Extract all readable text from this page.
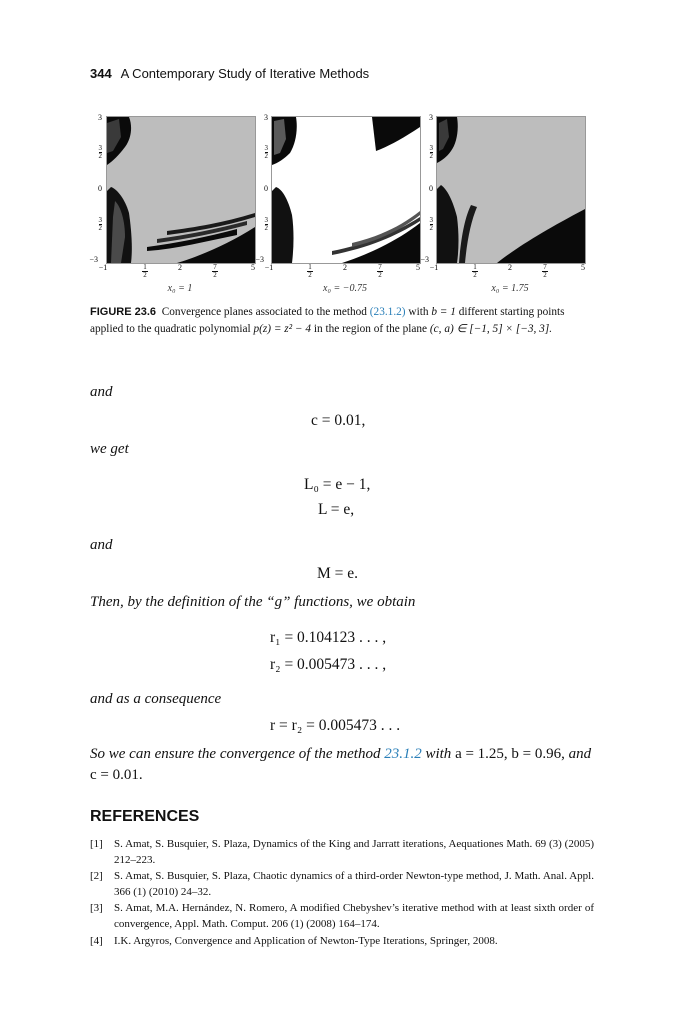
344 A Contemporary Study of Iterative Methods
3
$\frac{3}{2}$
0
$\frac{3}{2}$
−3
3
$\frac{3}{2}$
0
$\frac{3}{2}$
−3
3
$\frac{3}{2}$
0
$\frac{3}{2}$
−3
−1	1
2
2	7
2
5	−1	1
2
2	7
2
5	−1	1
2
2	7
2
5
x₀ = 1	x₀ = −0.75	x₀ = 1.75
FIGURE 23.6 Convergence planes associated to the method (23.1.2) with b = 1 different starting points applied to the quadratic polynomial p(z) = z² − 4 in the region of the plane (c, a) ∈ [−1, 5] × [−3, 3].
and
c = 0.01,
we get
L₀ = e − 1,
L = e,
and
M = e.
Then, by the definition of the “g” functions, we obtain
r₁ = 0.104123 . . . ,
r₂ = 0.005473 . . . ,
and as a consequence
r = r₂ = 0.005473 . . .
So we can ensure the convergence of the method 23.1.2 with a = 1.25, b = 0.96, and c = 0.01.
REFERENCES
[1]	S. Amat, S. Busquier, S. Plaza, Dynamics of the King and Jarratt iterations, Aequationes Math. 69 (3) (2005) 212–223.
[2]	S. Amat, S. Busquier, S. Plaza, Chaotic dynamics of a third-order Newton-type method, J. Math. Anal. Appl. 366 (1) (2010) 24–32.
[3]	S. Amat, M.A. Hernández, N. Romero, A modified Chebyshev’s iterative method with at least sixth order of convergence, Appl. Math. Comput. 206 (1) (2008) 164–174.
[4]	I.K. Argyros, Convergence and Application of Newton-Type Iterations, Springer, 2008.
